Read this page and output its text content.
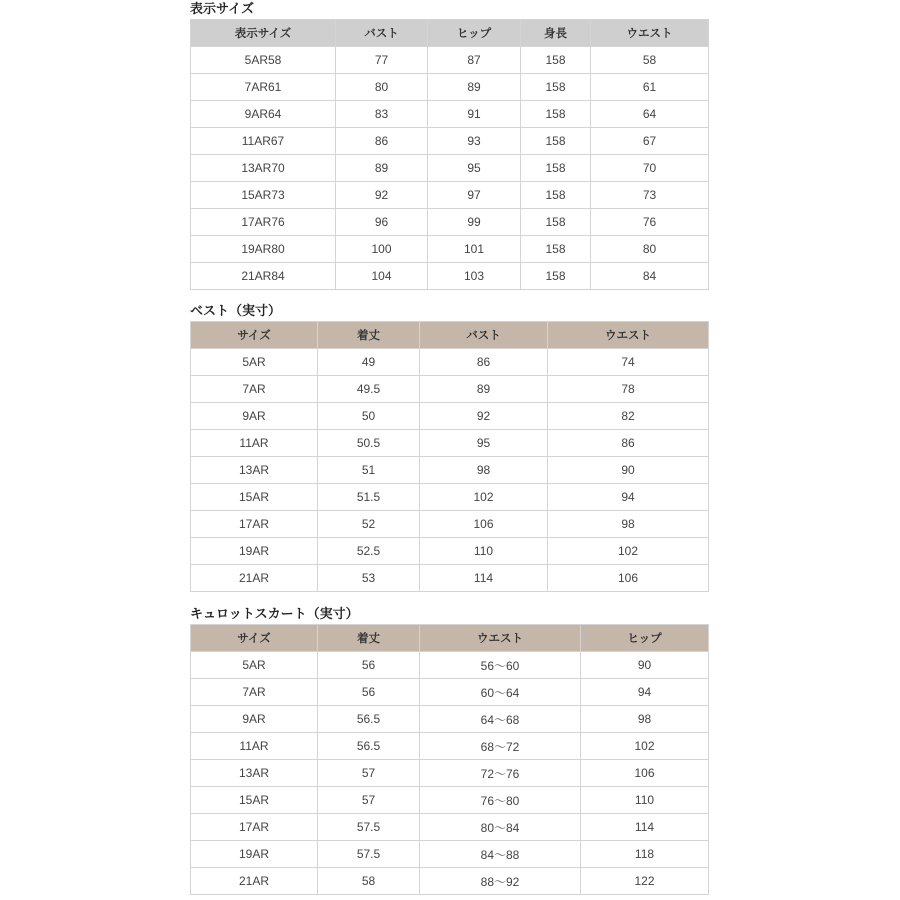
表示サイズ
表示サイズ	バスト	ヒップ	身長	ウエスト
5AR58	77	87	158	58
7AR61	80	89	158	61
9AR64	83	91	158	64
11AR67	86	93	158	67
13AR70	89	95	158	70
15AR73	92	97	158	73
17AR76	96	99	158	76
19AR80	100	101	158	80
21AR84	104	103	158	84
ベスト（実寸）
サイズ	着丈	バスト	ウエスト
5AR	49	86	74
7AR	49.5	89	78
9AR	50	92	82
11AR	50.5	95	86
13AR	51	98	90
15AR	51.5	102	94
17AR	52	106	98
19AR	52.5	110	102
21AR	53	114	106
キュロットスカート（実寸）
サイズ	着丈	ウエスト	ヒップ
5AR	56	56～60	90
7AR	56	60～64	94
9AR	56.5	64～68	98
11AR	56.5	68～72	102
13AR	57	72～76	106
15AR	57	76～80	110
17AR	57.5	80～84	114
19AR	57.5	84～88	118
21AR	58	88～92	122
